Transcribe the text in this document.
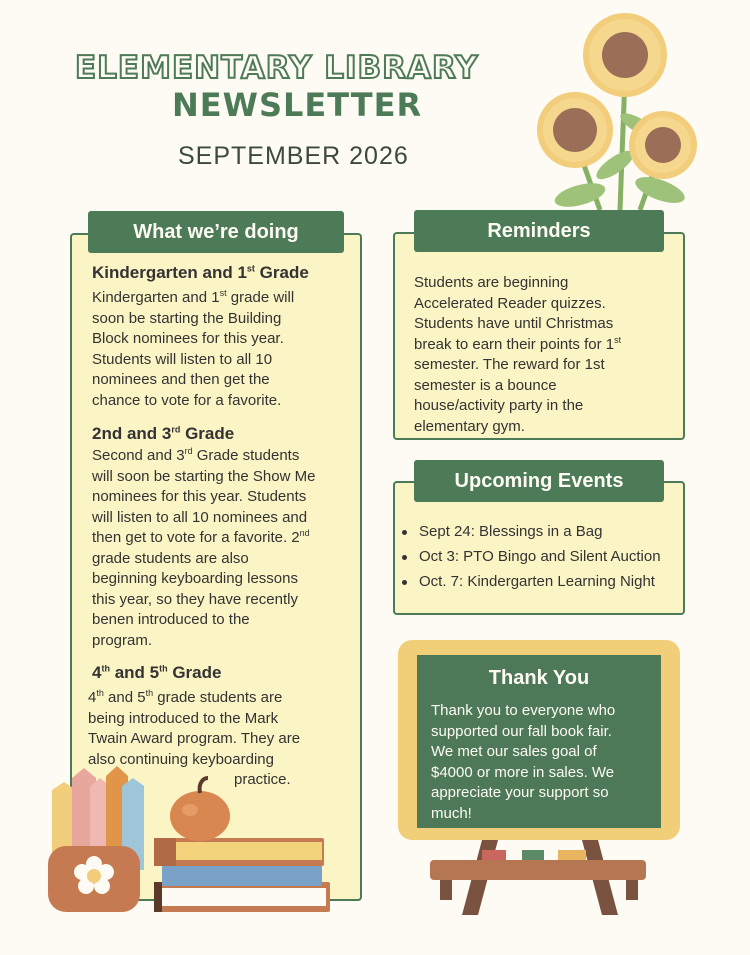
ELEMENTARY LIBRARY
NEWSLETTER
SEPTEMBER 2026
What we’re doing
Kindergarten and 1st Grade
Kindergarten and 1st grade will
soon be starting the Building
Block nominees for this year.
Students will listen to all 10
nominees and then get the
chance to vote for a favorite.
2nd and 3rd Grade
Second and 3rd Grade students
will soon be starting the Show Me
nominees for this year. Students
will listen to all 10 nominees and
then get to vote for a favorite. 2nd
grade students are also
beginning keyboarding lessons
this year, so they have recently
benen introduced to the
program.
4th and 5th Grade
4th and 5th grade students are
being introduced to the Mark
Twain Award program. They are
also continuing keyboarding
practice.
Reminders
Students are beginning
Accelerated Reader quizzes.
Students have until Christmas
break to earn their points for 1st
semester. The reward for 1st
semester is a bounce
house/activity party in the
elementary gym.
Upcoming Events
Sept 24: Blessings in a Bag
Oct 3: PTO Bingo and Silent Auction
Oct. 7: Kindergarten Learning Night
Thank You
Thank you to everyone who
supported our fall book fair.
We met our sales goal of
$4000 or more in sales. We
appreciate your support so
much!
